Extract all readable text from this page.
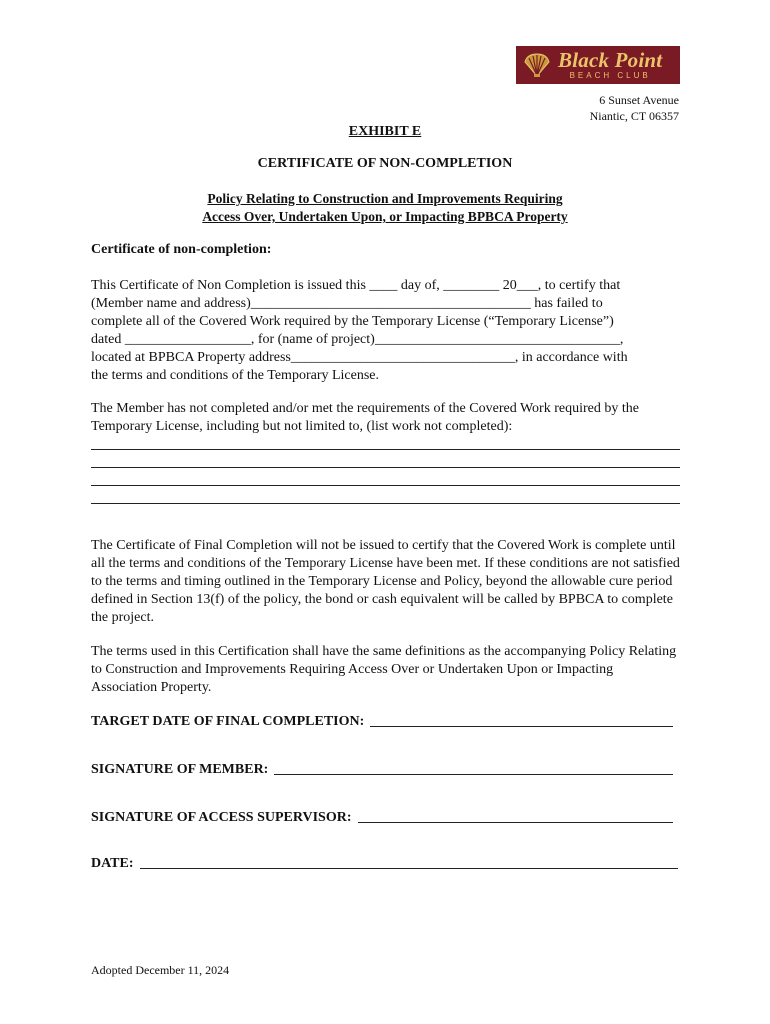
Black Point
BEACH CLUB
6 Sunset Avenue
Niantic, CT 06357
EXHIBIT E
CERTIFICATE OF NON-COMPLETION
Policy Relating to Construction and Improvements Requiring
Access Over, Undertaken Upon, or Impacting BPBCA Property
Certificate of non-completion:
This Certificate of Non Completion is issued this ____ day of, ________ 20___, to certify that
(Member name and address)________________________________________ has failed to
complete all of the Covered Work required by the Temporary License (“Temporary License”)
dated __________________, for (name of project)___________________________________,
located at BPBCA Property address________________________________, in accordance with
the terms and conditions of the Temporary License.
The Member has not completed and/or met the requirements of the Covered Work required by the Temporary License, including but not limited to, (list work not completed):
The Certificate of Final Completion will not be issued to certify that the Covered Work is complete until all the terms and conditions of the Temporary License have been met. If these conditions are not satisfied to the terms and timing outlined in the Temporary License and Policy, beyond the allowable cure period defined in Section 13(f) of the policy, the bond or cash equivalent will be called by BPBCA to complete the project.
The terms used in this Certification shall have the same definitions as the accompanying Policy Relating to Construction and Improvements Requiring Access Over or Undertaken Upon or Impacting Association Property.
TARGET DATE OF FINAL COMPLETION:
SIGNATURE OF MEMBER:
SIGNATURE OF ACCESS SUPERVISOR:
DATE:
Adopted December 11, 2024
